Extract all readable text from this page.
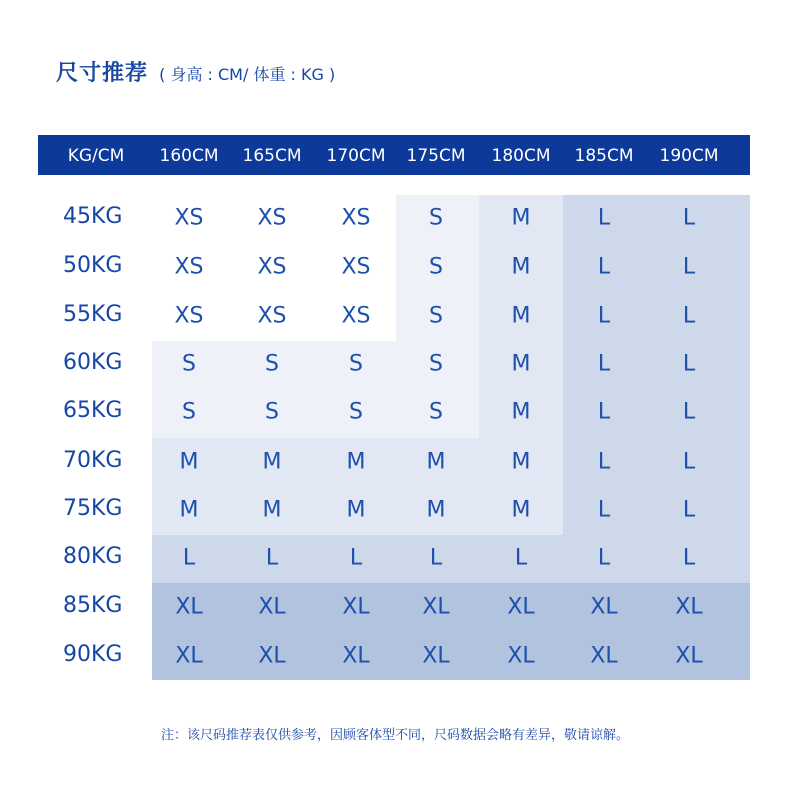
尺寸推荐 ( 身高 : CM/ 体重 : KG )
KG/CM 160CM 165CM 170CM 175CM 180CM 185CM 190CM
45KG XS XS XS	S	M	L	L
50KG XS XS XS	S	M	L	L
55KG XS XS XS	S	M	L	L
60KG	S	S	S	S	M	L	L
65KG	S	S	S	S	M	L	L
70KG	M	M	M	M	M	L	L
75KG	M	M	M	M	M	L	L
80KG	L	L	L	L	L	L	L
85KG XL	XL	XL XL	XL	XL	XL
90KG XL	XL	XL XL	XL	XL	XL
注：该尺码推荐表仅供参考，因顾客体型不同，尺码数据会略有差异，敬请谅解。
